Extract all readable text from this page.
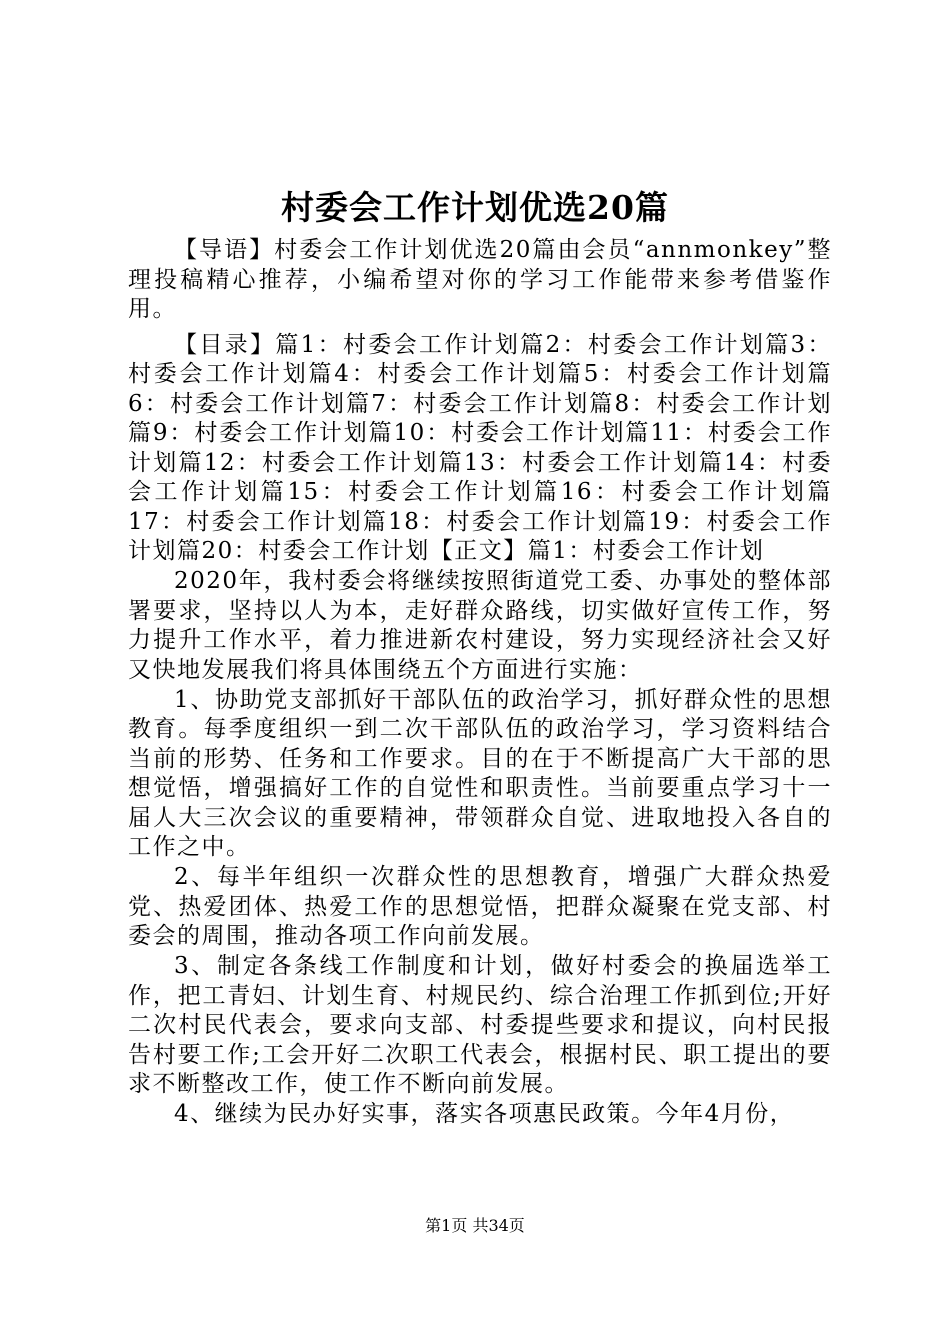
村委会工作计划优选20篇

【导语】村委会工作计划优选20篇由会员“annmonkey”整理投稿精心推荐，小编希望对你的学习工作能带来参考借鉴作用。

【目录】篇1：村委会工作计划篇2：村委会工作计划篇3：村委会工作计划篇4：村委会工作计划篇5：村委会工作计划篇6：村委会工作计划篇7：村委会工作计划篇8：村委会工作计划篇9：村委会工作计划篇10：村委会工作计划篇11：村委会工作计划篇12：村委会工作计划篇13：村委会工作计划篇14：村委会工作计划篇15：村委会工作计划篇16：村委会工作计划篇17：村委会工作计划篇18：村委会工作计划篇19：村委会工作计划篇20：村委会工作计划【正文】篇1：村委会工作计划

2020年，我村委会将继续按照街道党工委、办事处的整体部署要求，坚持以人为本，走好群众路线，切实做好宣传工作，努力提升工作水平，着力推进新农村建设，努力实现经济社会又好又快地发展我们将具体围绕五个方面进行实施：

1、协助党支部抓好干部队伍的政治学习，抓好群众性的思想教育。每季度组织一到二次干部队伍的政治学习，学习资料结合当前的形势、任务和工作要求。目的在于不断提高广大干部的思想觉悟，增强搞好工作的自觉性和职责性。当前要重点学习十一届人大三次会议的重要精神，带领群众自觉、进取地投入各自的工作之中。

2、每半年组织一次群众性的思想教育，增强广大群众热爱党、热爱团体、热爱工作的思想觉悟，把群众凝聚在党支部、村委会的周围，推动各项工作向前发展。

3、制定各条线工作制度和计划，做好村委会的换届选举工作，把工青妇、计划生育、村规民约、综合治理工作抓到位;开好二次村民代表会，要求向支部、村委提些要求和提议，向村民报告村要工作;工会开好二次职工代表会，根据村民、职工提出的要求不断整改工作，使工作不断向前发展。

4、继续为民办好实事，落实各项惠民政策。今年4月份，

第1页 共34页
